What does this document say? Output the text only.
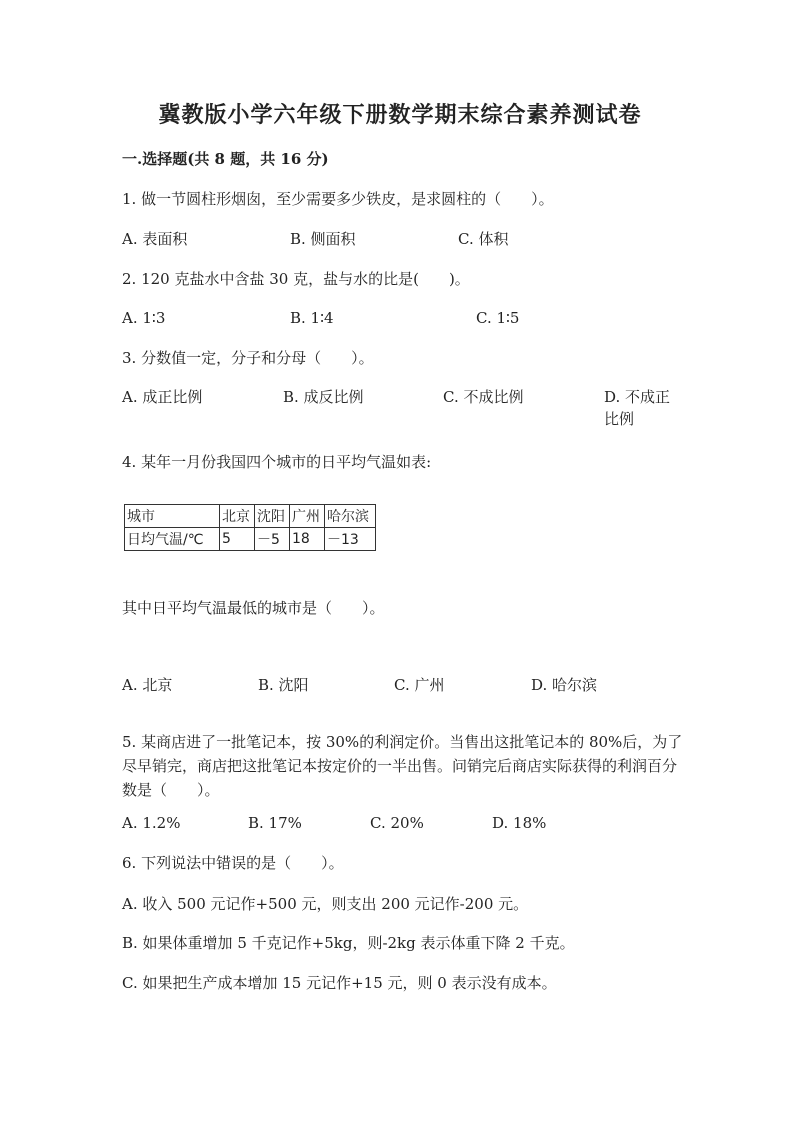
冀教版小学六年级下册数学期末综合素养测试卷
一.选择题(共 8 题，共 16 分)
1. 做一节圆柱形烟囱，至少需要多少铁皮，是求圆柱的（　　）。
A. 表面积	B. 侧面积	C. 体积
2. 120 克盐水中含盐 30 克，盐与水的比是(　　)。
A. 1∶3	B. 1∶4	C. 1∶5
3. 分数值一定，分子和分母（　　）。
A. 成正比例	B. 成反比例	C. 不成比例	D. 不成正比例
4. 某年一月份我国四个城市的日平均气温如表:
城市	北京	沈阳	广州	哈尔滨
日均气温/℃	5	－5	18	－13
其中日平均气温最低的城市是（　　）。
A. 北京	B. 沈阳	C. 广州	D. 哈尔滨
5. 某商店进了一批笔记本，按 30%的利润定价。当售出这批笔记本的 80%后，为了尽早销完，商店把这批笔记本按定价的一半出售。问销完后商店实际获得的利润百分数是（　　）。
A. 1.2%	B. 17%	C. 20%	D. 18%
6. 下列说法中错误的是（　　）。
A. 收入 500 元记作+500 元，则支出 200 元记作-200 元。
B. 如果体重增加 5 千克记作+5kg，则-2kg 表示体重下降 2 千克。
C. 如果把生产成本增加 15 元记作+15 元，则 0 表示没有成本。
